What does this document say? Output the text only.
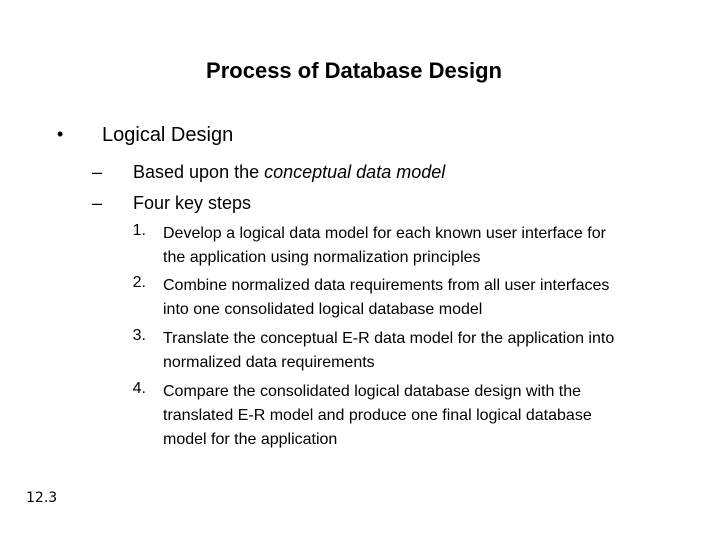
Process of Database Design
• Logical Design
– Based upon the conceptual data model
– Four key steps
1. Develop a logical data model for each known user interface for
the application using normalization principles
2. Combine normalized data requirements from all user interfaces
into one consolidated logical database model
3. Translate the conceptual E-R data model for the application into
normalized data requirements
4. Compare the consolidated logical database design with the
translated E-R model and produce one final logical database
model for the application
12.3
